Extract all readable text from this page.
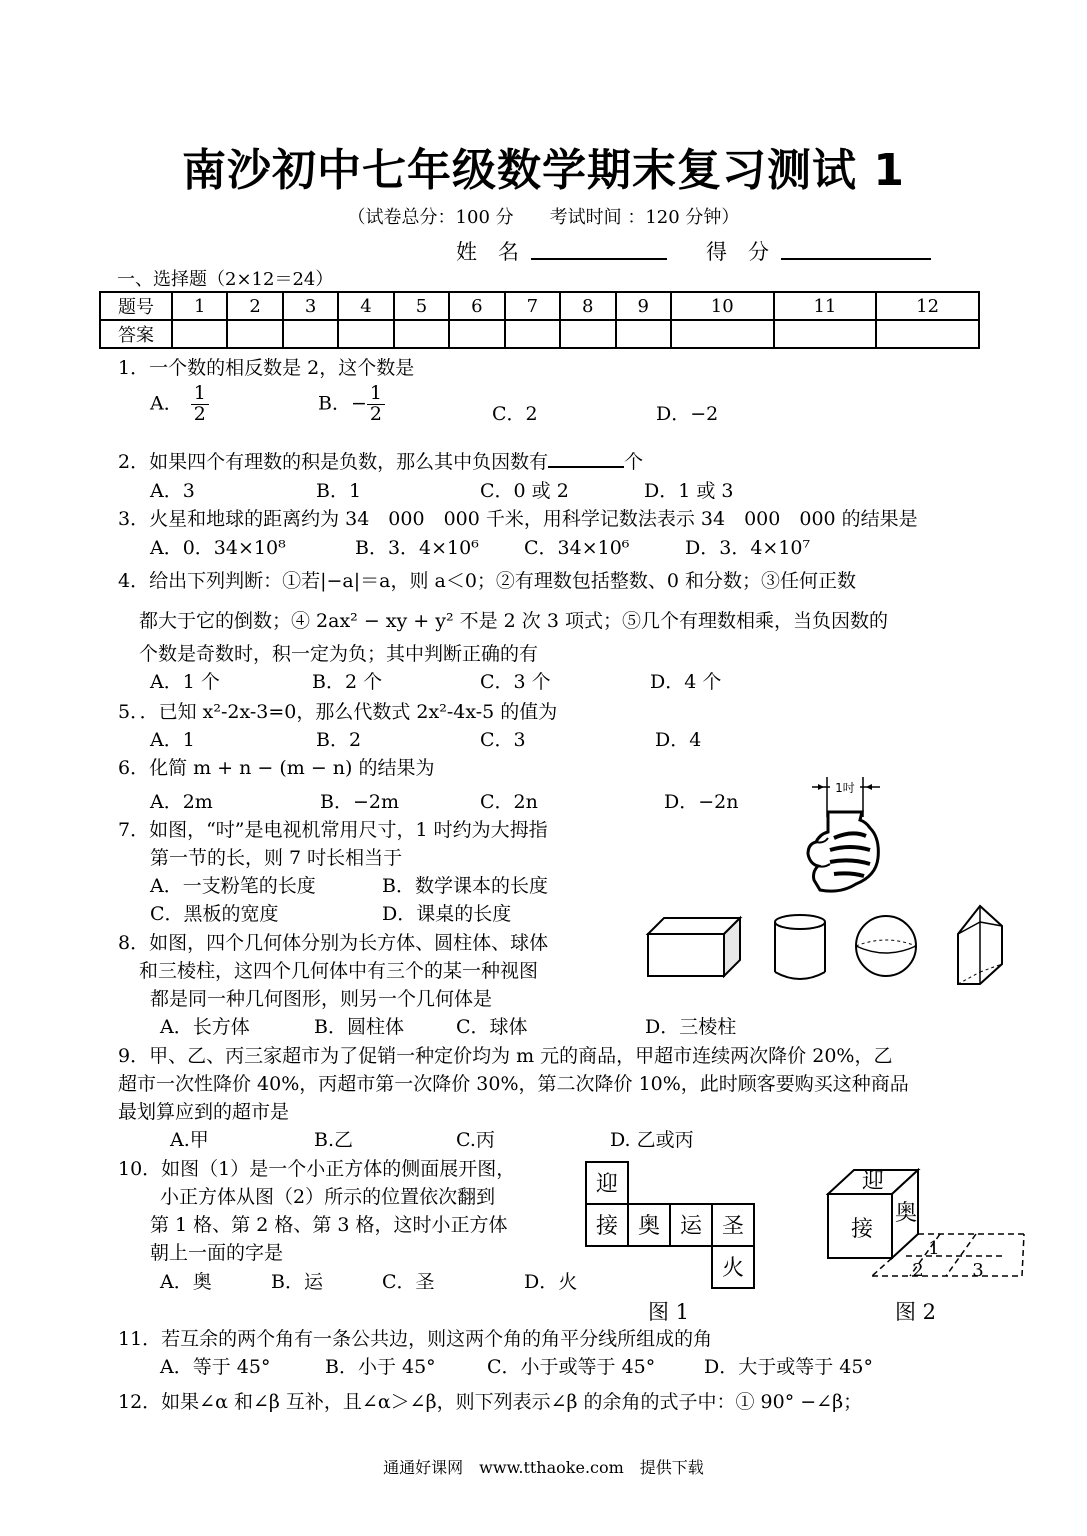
南沙初中七年级数学期末复习测试 1
（试卷总分：100 分　　考试时间 ：120 分钟）
姓　名	得　分
一、选择题（2×12＝24）
题号	1	2	3	4	5	6	7	8	9	10	11	12
答案												
1．一个数的相反数是 2，这个数是
A． $\frac{1}{2}$	B．− $\frac{1}{2}$	C．2	D．−2
2．如果四个有理数的积是负数，那么其中负因数有	个
A．3	B．1	C．0 或 2	D．1 或 3
3．火星和地球的距离约为 34　000　000 千米，用科学记数法表示 34　000　000 的结果是
A．0．34×10⁸	B．3．4×10⁶ C．34×10⁶	D．3．4×10⁷
4．给出下列判断：①若|−a|＝a，则 a＜0；②有理数包括整数、0 和分数；③任何正数
都大于它的倒数；④ 2ax² − xy + y² 不是 2 次 3 项式；⑤几个有理数相乘，当负因数的
个数是奇数时，积一定为负；其中判断正确的有
A．1 个	B．2 个	C．3 个	D．4 个
5．．已知 x²-2x-3=0，那么代数式 2x²-4x-5 的值为
A．1	B．2	C．3	D．4
6．化简 m + n − (m − n) 的结果为
A．2m	B．−2m	C．2n	D．−2n
7．如图，“吋”是电视机常用尺寸，1 吋约为大拇指
第一节的长，则 7 吋长相当于
A．一支粉笔的长度	B．数学课本的长度
C．黑板的宽度	D．课桌的长度
1吋
8．如图，四个几何体分别为长方体、圆柱体、球体
和三棱柱，这四个几何体中有三个的某一种视图
都是同一种几何图形，则另一个几何体是
A．长方体	B．圆柱体	C．球体	D．三棱柱
9．甲、乙、丙三家超市为了促销一种定价均为 m 元的商品，甲超市连续两次降价 20%，乙
超市一次性降价 40%，丙超市第一次降价 30%，第二次降价 10%，此时顾客要购买这种商品
最划算应到的超市是
A.甲	B.乙	C.丙	D. 乙或丙
10．如图（1）是一个小正方体的侧面展开图，
小正方体从图（2）所示的位置依次翻到
第 1 格、第 2 格、第 3 格，这时小正方体
朝上一面的字是
A．奥	B．运	C．圣	D．火
迎
接 奥 运 圣
火
迎
接
奥
1
2	3
图 1	图 2
11．若互余的两个角有一条公共边，则这两个角的角平分线所组成的角
A．等于 45°	B．小于 45°	C．小于或等于 45°	D．大于或等于 45°
12．如果∠α 和∠β 互补，且∠α＞∠β，则下列表示∠β 的余角的式子中：① 90° −∠β；
通通好课网　www.tthaoke.com　提供下载
